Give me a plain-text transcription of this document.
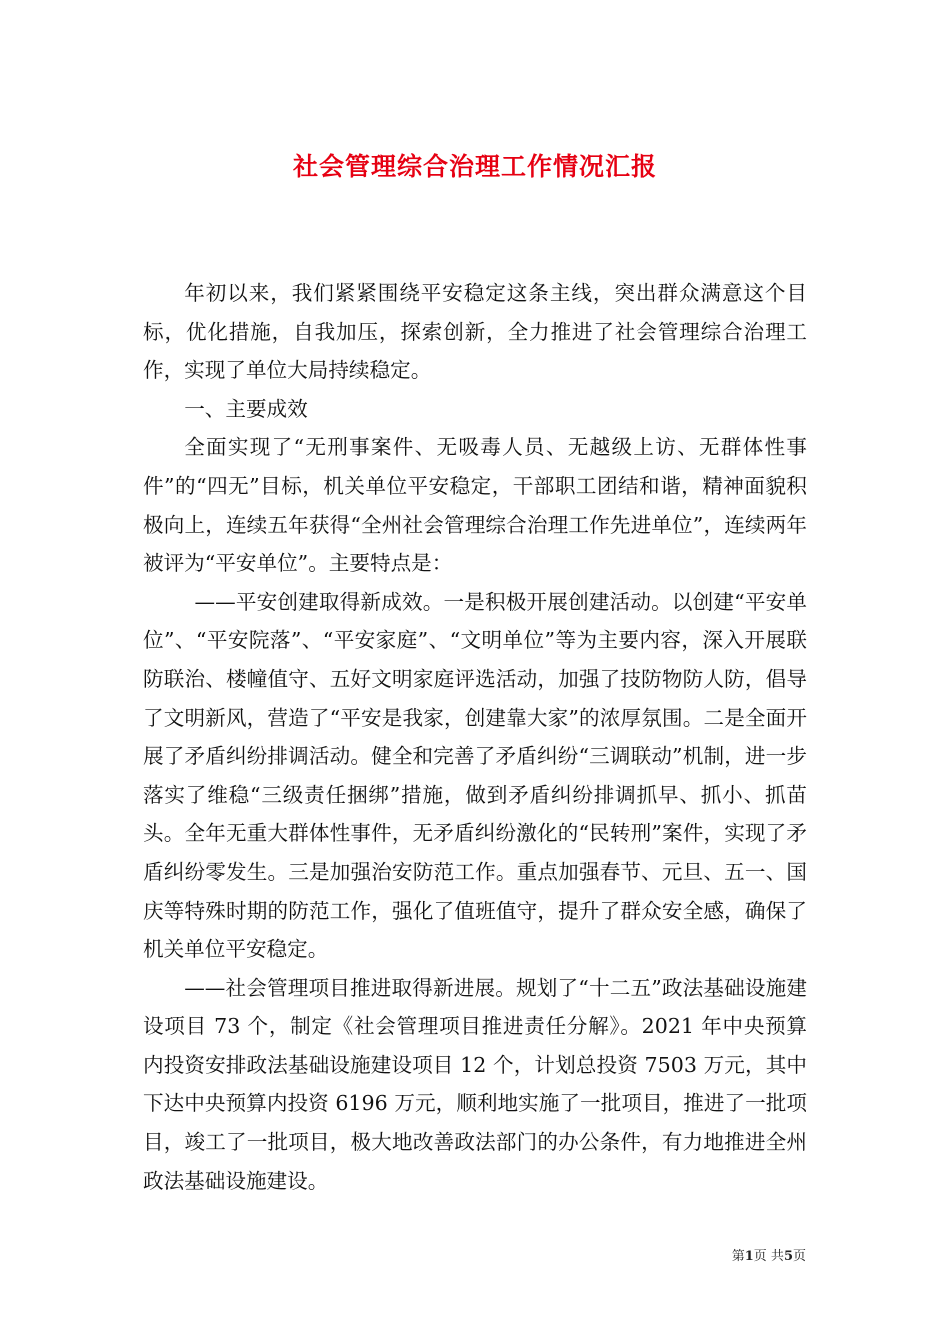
社会管理综合治理工作情况汇报

年初以来，我们紧紧围绕平安稳定这条主线，突出群众满意这个目标，优化措施，自我加压，探索创新，全力推进了社会管理综合治理工作，实现了单位大局持续稳定。

一、主要成效

全面实现了“无刑事案件、无吸毒人员、无越级上访、无群体性事件”的“四无”目标，机关单位平安稳定，干部职工团结和谐，精神面貌积极向上，连续五年获得“全州社会管理综合治理工作先进单位”，连续两年被评为“平安单位”。主要特点是：

——平安创建取得新成效。一是积极开展创建活动。以创建“平安单位”、“平安院落”、“平安家庭”、“文明单位”等为主要内容，深入开展联防联治、楼幢值守、五好文明家庭评选活动，加强了技防物防人防，倡导了文明新风，营造了“平安是我家，创建靠大家”的浓厚氛围。二是全面开展了矛盾纠纷排调活动。健全和完善了矛盾纠纷“三调联动”机制，进一步落实了维稳“三级责任捆绑”措施，做到矛盾纠纷排调抓早、抓小、抓苗头。全年无重大群体性事件，无矛盾纠纷激化的“民转刑”案件，实现了矛盾纠纷零发生。三是加强治安防范工作。重点加强春节、元旦、五一、国庆等特殊时期的防范工作，强化了值班值守，提升了群众安全感，确保了机关单位平安稳定。

——社会管理项目推进取得新进展。规划了“十二五”政法基础设施建设项目 73 个，制定《社会管理项目推进责任分解》。2021 年中央预算内投资安排政法基础设施建设项目 12 个，计划总投资 7503 万元，其中下达中央预算内投资 6196 万元，顺利地实施了一批项目，推进了一批项目，竣工了一批项目，极大地改善政法部门的办公条件，有力地推进全州政法基础设施建设。

第1页 共5页
